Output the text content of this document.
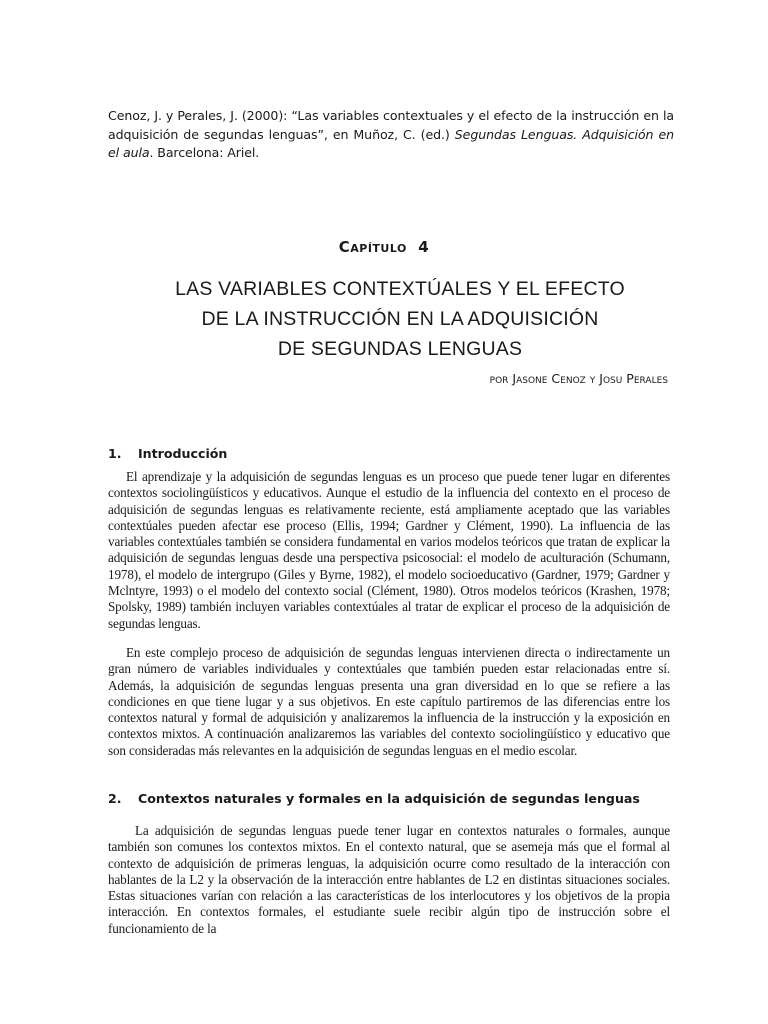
Cenoz, J. y Perales, J. (2000): “Las variables contextuales y el efecto de la instrucción en la adquisición de segundas lenguas”, en Muñoz, C. (ed.) Segundas Lenguas. Adquisición en el aula. Barcelona: Ariel.
Capítulo 4
LAS VARIABLES CONTEXTÚALES Y EL EFECTO
DE LA INSTRUCCIÓN EN LA ADQUISICIÓN
DE SEGUNDAS LENGUAS
por Jasone Cenoz y Josu Perales
1. Introducción
El aprendizaje y la adquisición de segundas lenguas es un proceso que puede tener lugar en diferentes contextos sociolingüísticos y educativos. Aunque el estudio de la influencia del contexto en el proceso de adquisición de segundas lenguas es relativamente reciente, está ampliamente aceptado que las variables contextúales pueden afectar ese proceso (Ellis, 1994; Gardner y Clément, 1990). La influencia de las variables contextúales también se considera fundamental en varios modelos teóricos que tratan de explicar la adquisición de segundas lenguas desde una perspectiva psicosocial: el modelo de aculturación (Schumann, 1978), el modelo de intergrupo (Giles y Byrne, 1982), el modelo socioeducativo (Gardner, 1979; Gardner y Mclntyre, 1993) o el modelo del contexto social (Clément, 1980). Otros modelos teóricos (Krashen, 1978; Spolsky, 1989) también incluyen variables contextúales al tratar de explicar el proceso de la adquisición de segundas lenguas.
En este complejo proceso de adquisición de segundas lenguas intervienen directa o indirectamente un gran número de variables individuales y contextúales que también pueden estar relacionadas entre sí. Además, la adquisición de segundas lenguas presenta una gran diversidad en lo que se refiere a las condiciones en que tiene lugar y a sus objetivos. En este capítulo partiremos de las diferencias entre los contextos natural y formal de adquisición y analizaremos la influencia de la instrucción y la exposición en contextos mixtos. A continuación analizaremos las variables del contexto sociolingüístico y educativo que son consideradas más relevantes en la adquisición de segundas lenguas en el medio escolar.
2. Contextos naturales y formales en la adquisición de segundas lenguas
La adquisición de segundas lenguas puede tener lugar en contextos naturales o formales, aunque también son comunes los contextos mixtos. En el contexto natural, que se asemeja más que el formal al contexto de adquisición de primeras lenguas, la adquisición ocurre como resultado de la interacción con hablantes de la L2 y la observación de la interacción entre hablantes de L2 en distintas situaciones sociales. Estas situaciones varían con relación a las características de los interlocutores y los objetivos de la propia interacción. En contextos formales, el estudiante suele recibir algún tipo de instrucción sobre el funcionamiento de la
